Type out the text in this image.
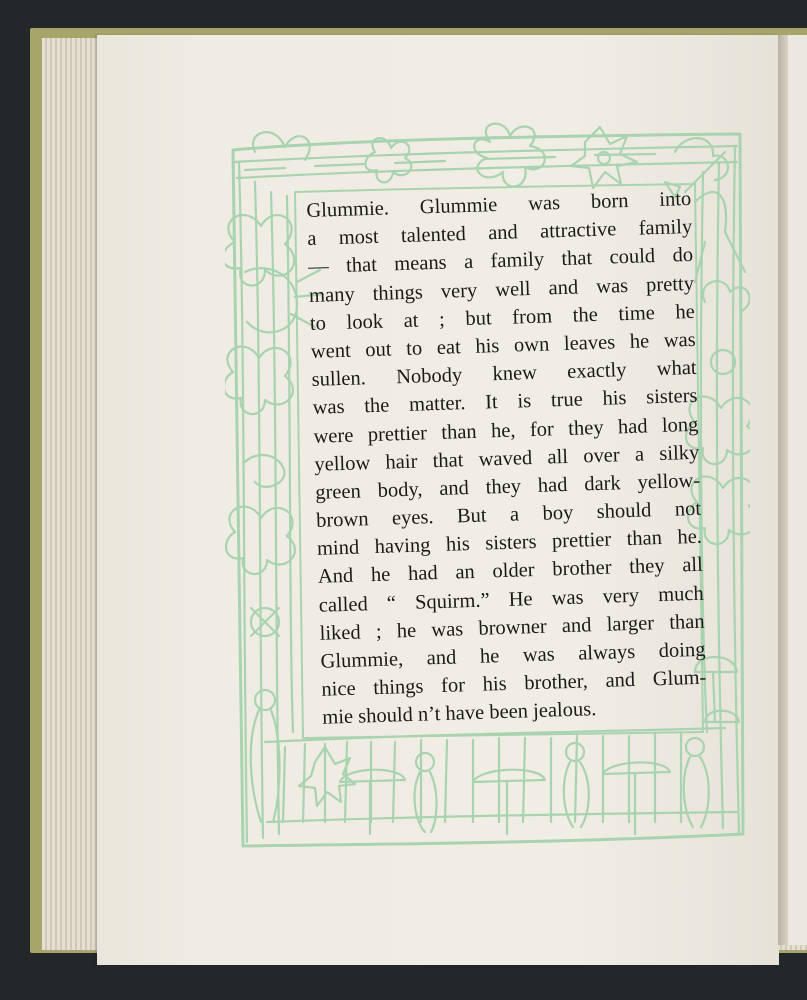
Glummie. Glummie was born into
a most talented and attractive family
— that means a family that could do
many things very well and was pretty
to look at ; but from the time he
went out to eat his own leaves he was
sullen. Nobody knew exactly what
was the matter. It is true his sisters
were prettier than he, for they had long
yellow hair that waved all over a silky
green body, and they had dark yellow-
brown eyes. But a boy should not
mind having his sisters prettier than he.
And he had an older brother they all
called “ Squirm.” He was very much
liked ; he was browner and larger than
Glummie, and he was always doing
nice things for his brother, and Glum-
mie should n’t have been jealous.
